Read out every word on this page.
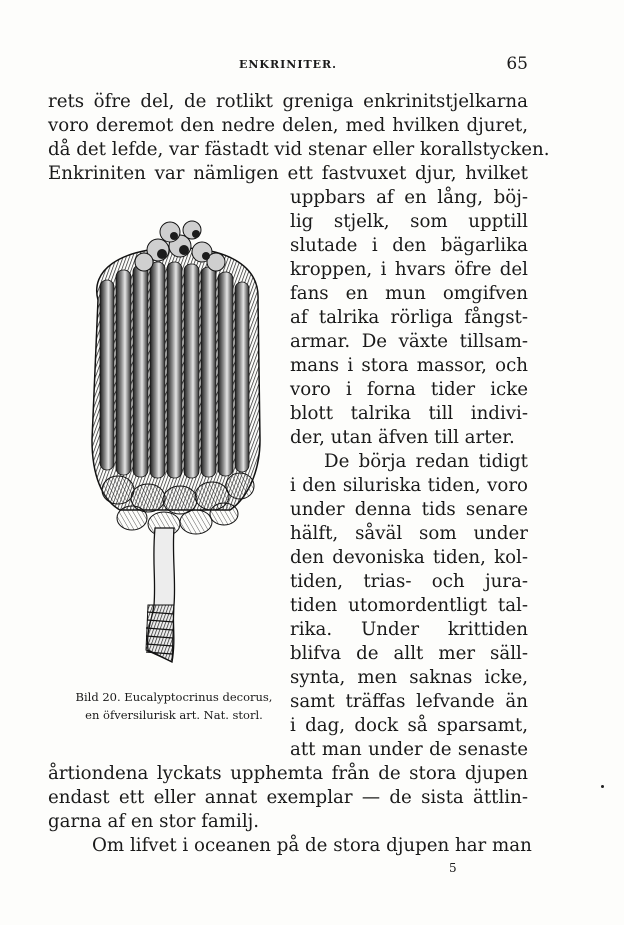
ENKRINITER.	65
rets öfre del, de rotlikt greniga enkrinitstjelkarna
voro deremot den nedre delen, med hvilken djuret,
då det lefde, var fästadt vid stenar eller korallstycken.
Enkriniten var nämligen ett fastvuxet djur, hvilket
uppbars af en lång, böj-
lig stjelk, som upptill
slutade i den bägarlika
kroppen, i hvars öfre del
fans en mun omgifven
af talrika rörliga fångst-
armar. De växte tillsam-
mans i stora massor, och
voro i forna tider icke
blott talrika till indivi-
der, utan äfven till arter.
De börja redan tidigt
i den siluriska tiden, voro
under denna tids senare
hälft, såväl som under
den devoniska tiden, kol-
tiden, trias- och jura-
tiden utomordentligt tal-
rika. Under krittiden
blifva de allt mer säll-
synta, men saknas icke,
samt träffas lefvande än
i dag, dock så sparsamt,
att man under de senaste
årtiondena lyckats upphemta från de stora djupen
endast ett eller annat exemplar — de sista ättlin-
garna af en stor familj.
Om lifvet i oceanen på de stora djupen har man
Bild 20. Eucalyptocrinus decorus,
en öfversilurisk art. Nat. storl.
5
